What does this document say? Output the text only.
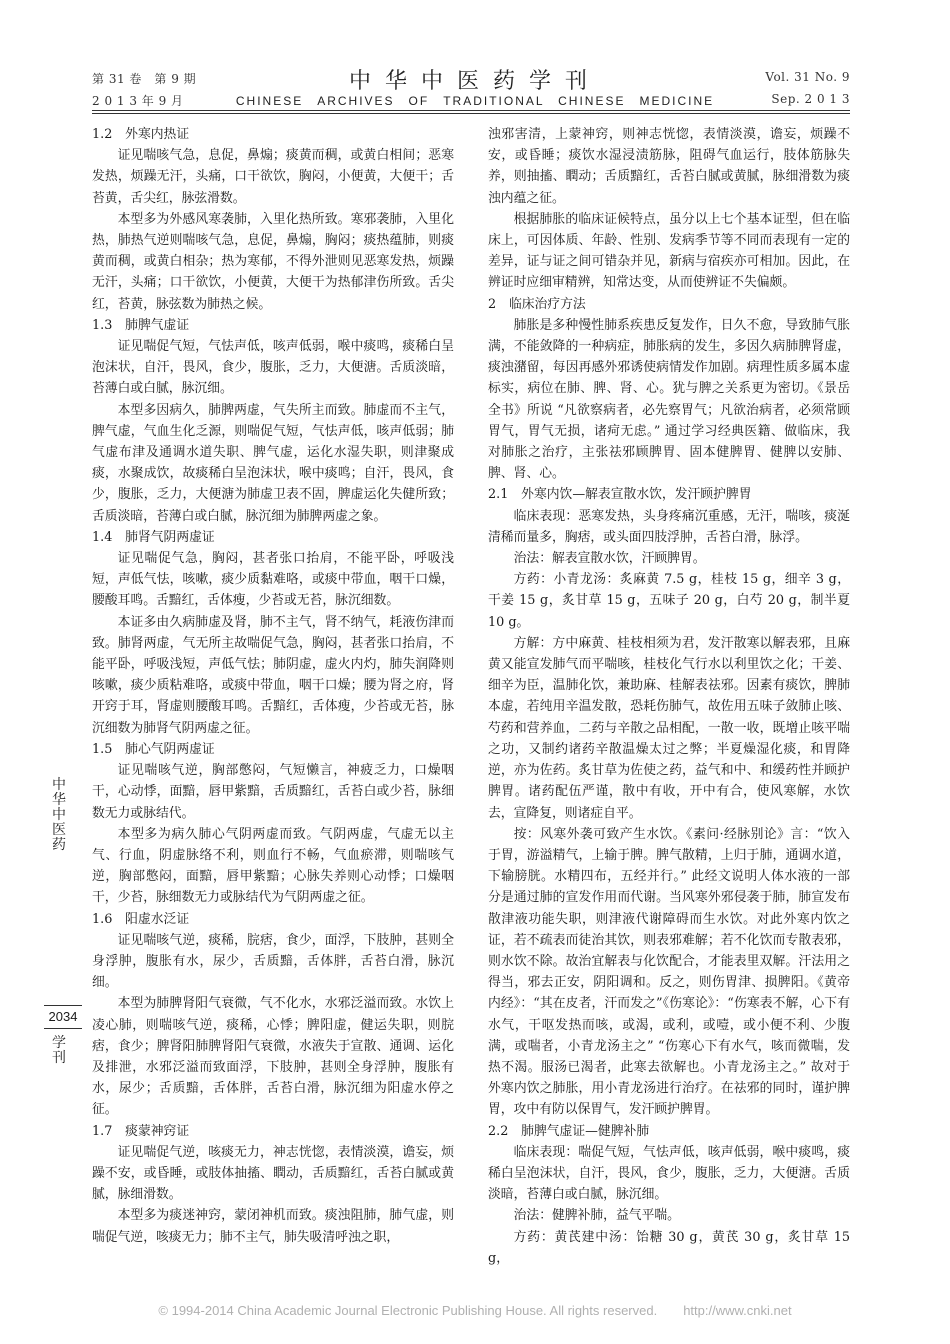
第 31 卷　第 9 期
2 0 1 3 年 9 月
中华中医药学刊
CHINESE　ARCHIVES　OF　TRADITIONAL　CHINESE　MEDICINE
Vol. 31 No. 9
Sep. 2 0 1 3

1.2　外寒内热证

证见喘咳气急，息促，鼻煽；痰黄而稠，或黄白相间；恶寒发热，烦躁无汗，头痛，口干欲饮，胸闷，小便黄，大便干；舌苔黄，舌尖红，脉弦滑数。

本型多为外感风寒袭肺，入里化热所致。寒邪袭肺，入里化热，肺热气逆则喘咳气急，息促，鼻煽，胸闷；痰热蕴肺，则痰黄而稠，或黄白相杂；热为寒郁，不得外泄则见恶寒发热，烦躁无汗，头痛；口干欲饮，小便黄，大便干为热郁津伤所致。舌尖红，苔黄，脉弦数为肺热之候。

1.3　肺脾气虚证

证见喘促气短，气怯声低，咳声低弱，喉中痰鸣，痰稀白呈泡沫状，自汗，畏风，食少，腹胀，乏力，大便溏。舌质淡暗，苔薄白或白腻，脉沉细。

本型多因病久，肺脾两虚，气失所主而致。肺虚而不主气，脾气虚，气血生化乏源，则喘促气短，气怯声低，咳声低弱；肺气虚布津及通调水道失职、脾气虚，运化水湿失职，则津聚成痰，水聚成饮，故痰稀白呈泡沫状，喉中痰鸣；自汗，畏风，食少，腹胀，乏力，大便溏为肺虚卫表不固，脾虚运化失健所致；舌质淡暗，苔薄白或白腻，脉沉细为肺脾两虚之象。

1.4　肺肾气阴两虚证

证见喘促气急，胸闷，甚者张口抬肩，不能平卧，呼吸浅短，声低气怯，咳嗽，痰少质黏难咯，或痰中带血，咽干口燥，腰酸耳鸣。舌黯红，舌体瘦，少苔或无苔，脉沉细数。

本证多由久病肺虚及肾，肺不主气，肾不纳气，耗液伤津而致。肺肾两虚，气无所主故喘促气急，胸闷，甚者张口抬肩，不能平卧，呼吸浅短，声低气怯；肺阴虚，虚火内灼，肺失润降则咳嗽，痰少质粘难咯，或痰中带血，咽干口燥；腰为肾之府，肾开窍于耳，肾虚则腰酸耳鸣。舌黯红，舌体瘦，少苔或无苔，脉沉细数为肺肾气阴两虚之征。

1.5　肺心气阴两虚证

证见喘咳气逆，胸部憋闷，气短懒言，神疲乏力，口燥咽干，心动悸，面黯，唇甲紫黯，舌质黯红，舌苔白或少苔，脉细数无力或脉结代。

本型多为病久肺心气阴两虚而致。气阴两虚，气虚无以主气、行血，阴虚脉络不利，则血行不畅，气血瘀滞，则喘咳气逆，胸部憋闷，面黯，唇甲紫黯；心脉失养则心动悸；口燥咽干，少苔，脉细数无力或脉结代为气阴两虚之征。

1.6　阳虚水泛证

证见喘咳气逆，痰稀，脘痞，食少，面浮，下肢肿，甚则全身浮肿，腹胀有水，尿少，舌质黯，舌体胖，舌苔白滑，脉沉细。

本型为肺脾肾阳气衰微，气不化水，水邪泛溢而致。水饮上凌心肺，则喘咳气逆，痰稀，心悸；脾阳虚，健运失职，则脘痞，食少；脾肾阳肺脾肾阳气衰微，水液失于宣散、通调、运化及排泄，水邪泛溢而致面浮，下肢肿，甚则全身浮肿，腹胀有水，尿少；舌质黯，舌体胖，舌苔白滑，脉沉细为阳虚水停之征。

1.7　痰蒙神窍证

证见喘促气逆，咳痰无力，神志恍惚，表情淡漠，谵妄，烦躁不安，或昏睡，或肢体抽搐、瞤动，舌质黯红，舌苔白腻或黄腻，脉细滑数。

本型多为痰迷神窍，蒙闭神机而致。痰浊阻肺，肺气虚，则喘促气逆，咳痰无力；肺不主气，肺失吸清呼浊之职，

浊邪害清，上蒙神窍，则神志恍惚，表情淡漠，谵妄，烦躁不安，或昏睡；痰饮水湿浸渍筋脉，阻碍气血运行，肢体筋脉失养，则抽搐、瞤动；舌质黯红，舌苔白腻或黄腻，脉细滑数为痰浊内蕴之征。

根据肺胀的临床证候特点，虽分以上七个基本证型，但在临床上，可因体质、年龄、性别、发病季节等不同而表现有一定的差异，证与证之间可错杂并见，新病与宿疾亦可相加。因此，在辨证时应细审精辨，知常达变，从而使辨证不失偏颇。

2　临床治疗方法

肺胀是多种慢性肺系疾患反复发作，日久不愈，导致肺气胀满，不能敛降的一种病症，肺胀病的发生，多因久病肺脾肾虚，痰浊潴留，每因再感外邪诱使病情发作加剧。病理性质多属本虚标实，病位在肺、脾、肾、心。犹与脾之关系更为密切。《景岳全书》所说 “凡欲察病者，必先察胃气；凡欲治病者，必须常顾胃气，胃气无损，诸疴无虑。” 通过学习经典医籍、做临床，我对肺胀之治疗，主张祛邪顾脾胃、固本健脾胃、健脾以安肺、脾、肾、心。

2.1　外寒内饮—解表宣散水饮，发汗顾护脾胃

临床表现：恶寒发热，头身疼痛沉重感，无汗，喘咳，痰涎清稀而量多，胸痞，或头面四肢浮肿，舌苔白滑，脉浮。

治法：解表宣散水饮，汗顾脾胃。

方药：小青龙汤：炙麻黄 7.5 g，桂枝 15 g，细辛 3 g，干姜 15 g，炙甘草 15 g，五味子 20 g，白芍 20 g，制半夏 10 g。

方解：方中麻黄、桂枝相须为君，发汗散寒以解表邪，且麻黄又能宣发肺气而平喘咳，桂枝化气行水以利里饮之化；干姜、细辛为臣，温肺化饮，兼助麻、桂解表祛邪。因素有痰饮，脾肺本虚，若纯用辛温发散，恐耗伤肺气，故佐用五味子敛肺止咳、芍药和营养血，二药与辛散之品相配，一散一收，既增止咳平喘之功，又制约诸药辛散温燥太过之弊；半夏燥湿化痰，和胃降逆，亦为佐药。炙甘草为佐使之药，益气和中、和缓药性并顾护脾胃。诸药配伍严谨，散中有收，开中有合，使风寒解，水饮去，宣降复，则诸症自平。

按：风寒外袭可致产生水饮。《素问·经脉别论》言：“饮入于胃，游溢精气，上输于脾。脾气散精，上归于肺，通调水道，下输膀胱。水精四布，五经并行。” 此经文说明人体水液的一部分是通过肺的宣发作用而代谢。当风寒外邪侵袭于肺，肺宣发布散津液功能失职，则津液代谢障碍而生水饮。对此外寒内饮之证，若不疏表而徒治其饮，则表邪难解；若不化饮而专散表邪，则水饮不除。故治宜解表与化饮配合，才能表里双解。汗法用之得当，邪去正安，阴阳调和。反之，则伤胃津、损脾阳。《黄帝内经》：“其在皮者，汗而发之”《伤寒论》：“伤寒表不解，心下有水气，干呕发热而咳，或渴，或利，或噎，或小便不利、少腹满，或喘者，小青龙汤主之” “伤寒心下有水气，咳而微喘，发热不渴。服汤已渴者，此寒去欲解也。小青龙汤主之。” 故对于外寒内饮之肺胀，用小青龙汤进行治疗。在祛邪的同时，谨护脾胃，攻中有防以保胃气，发汗顾护脾胃。

2.2　肺脾气虚证—健脾补肺

临床表现：喘促气短，气怯声低，咳声低弱，喉中痰鸣，痰稀白呈泡沫状，自汗，畏风，食少，腹胀，乏力，大便溏。舌质淡暗，苔薄白或白腻，脉沉细。

治法：健脾补肺，益气平喘。

方药：黄芪建中汤：饴糖 30 g，黄芪 30 g，炙甘草 15 g，

中
华
中
医
药
2034
学
刊
© 1994-2014 China Academic Journal Electronic Publishing House. All rights reserved.　　http://www.cnki.net
